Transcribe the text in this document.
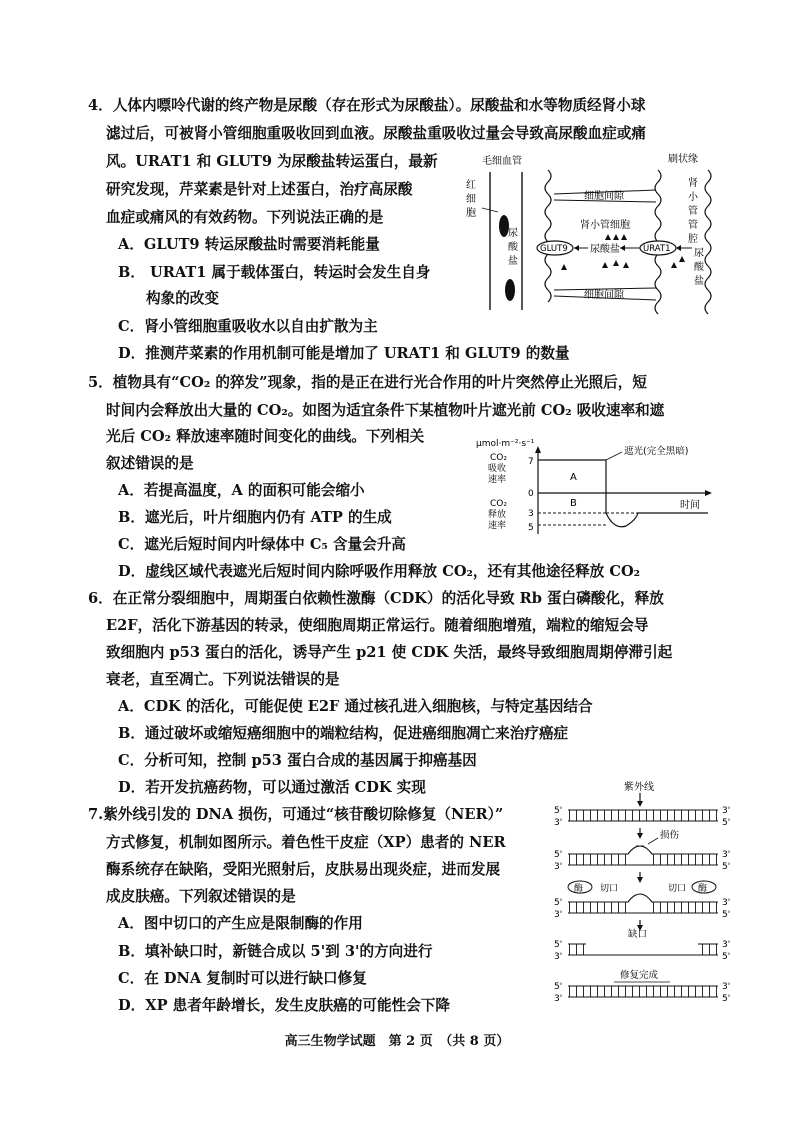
4．人体内嘌呤代谢的终产物是尿酸（存在形式为尿酸盐）。尿酸盐和水等物质经肾小球
滤过后，可被肾小管细胞重吸收回到血液。尿酸盐重吸收过量会导致高尿酸血症或痛
风。URAT1 和 GLUT9 为尿酸盐转运蛋白，最新
研究发现，芹菜素是针对上述蛋白，治疗高尿酸
血症或痛风的有效药物。下列说法正确的是
A．GLUT9 转运尿酸盐时需要消耗能量
B． URAT1 属于载体蛋白，转运时会发生自身
构象的改变
C．肾小管细胞重吸收水以自由扩散为主
D．推测芹菜素的作用机制可能是增加了 URAT1 和 GLUT9 的数量
毛细血管
红
细
胞
尿
酸
盐
刷状缘
细胞间隙
细胞间隙
肾小管细胞
GLUT9	URAT1
尿酸盐
肾
小
管
管
腔
尿
酸
盐
5．植物具有“CO₂ 的猝发”现象，指的是正在进行光合作用的叶片突然停止光照后，短
时间内会释放出大量的 CO₂。如图为适宜条件下某植物叶片遮光前 CO₂ 吸收速率和遮
光后 CO₂ 释放速率随时间变化的曲线。下列相关
叙述错误的是
A．若提高温度，A 的面积可能会缩小
B．遮光后，叶片细胞内仍有 ATP 的生成
C．遮光后短时间内叶绿体中 C₅ 含量会升高
D．虚线区域代表遮光后短时间内除呼吸作用释放 CO₂，还有其他途径释放 CO₂
μmol·m⁻²·s⁻¹
CO₂
吸收
速率
CO₂
释放
速率
7
0
3
5
A
B
遮光(完全黑暗)
时间
6．在正常分裂细胞中，周期蛋白依赖性激酶（CDK）的活化导致 Rb 蛋白磷酸化，释放
E2F，活化下游基因的转录，使细胞周期正常运行。随着细胞增殖，端粒的缩短会导
致细胞内 p53 蛋白的活化，诱导产生 p21 使 CDK 失活，最终导致细胞周期停滞引起
衰老，直至凋亡。下列说法错误的是
A．CDK 的活化，可能促使 E2F 通过核孔进入细胞核，与特定基因结合
B．通过破坏或缩短癌细胞中的端粒结构，促进癌细胞凋亡来治疗癌症
C．分析可知，控制 p53 蛋白合成的基因属于抑癌基因
D．若开发抗癌药物，可以通过激活 CDK 实现
7.紫外线引发的 DNA 损伤，可通过“核苷酸切除修复（NER）”
方式修复，机制如图所示。着色性干皮症（XP）患者的 NER
酶系统存在缺陷，受阳光照射后，皮肤易出现炎症，进而发展
成皮肤癌。下列叙述错误的是
A．图中切口的产生应是限制酶的作用
B．填补缺口时，新链合成以 5'到 3'的方向进行
C．在 DNA 复制时可以进行缺口修复
D．XP 患者年龄增长，发生皮肤癌的可能性会下降
紫外线
5'
3'
3'
5'
5'
3'
3'
5'
损伤
酶 切口	酶
切口
5'
3'
3'
5'
缺口
5'
3'
3'
5'
修复完成
5'
3'
3'
5'
高三生物学试题　第 2 页　（共 8 页）
